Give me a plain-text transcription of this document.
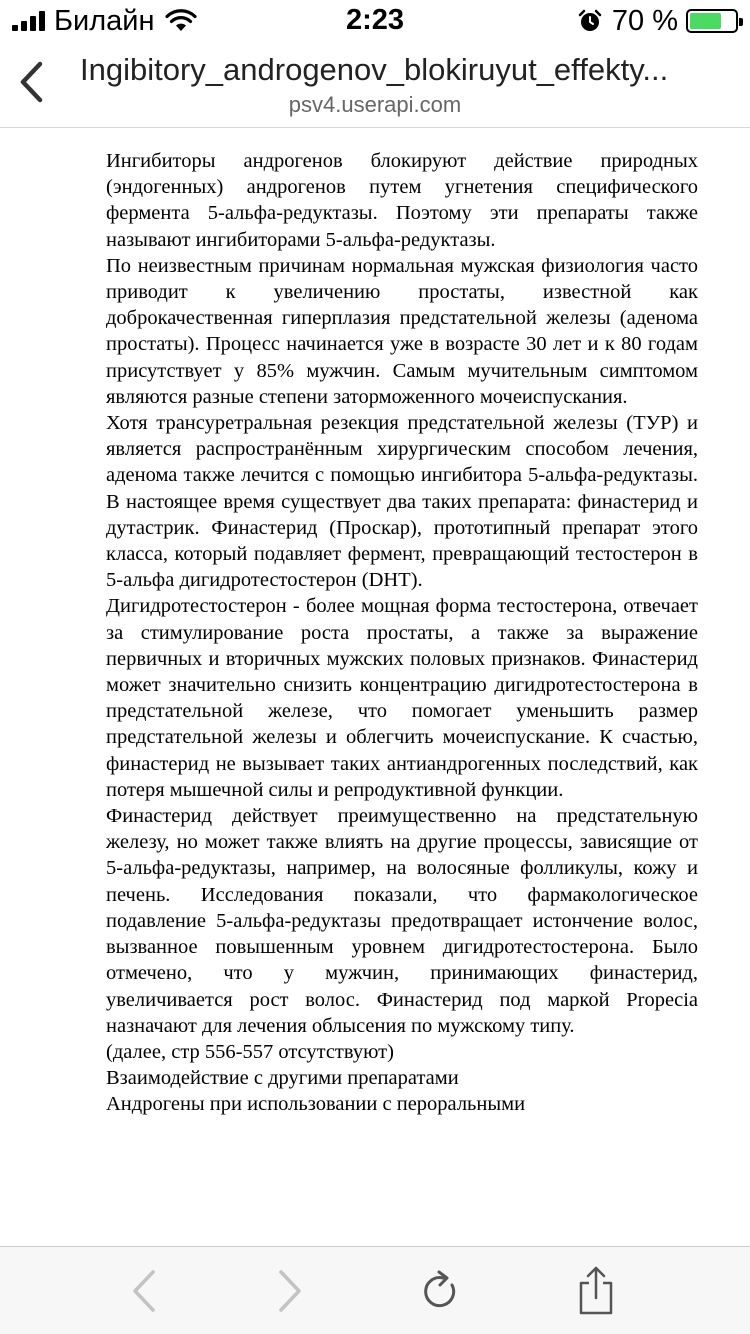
Билайн	2:23	70 %
Ingibitory_androgenov_blokiruyut_effekty...
psv4.userapi.com

Ингибиторы андрогенов блокируют действие природных (эндогенных) андрогенов путем угнетения специфического фермента 5-альфа-редуктазы. Поэтому эти препараты также называют ингибиторами 5-альфа-редуктазы.

По неизвестным причинам нормальная мужская физиология часто приводит к увеличению простаты, известной как доброкачественная гиперплазия предстательной железы (аденома простаты). Процесс начинается уже в возрасте 30 лет и к 80 годам присутствует у 85% мужчин. Самым мучительным симптомом являются разные степени заторможенного мочеиспускания.

Хотя трансуретральная резекция предстательной железы (ТУР) и является распространённым хирургическим способом лечения, аденома также лечится с помощью ингибитора 5-альфа-редуктазы. В настоящее время существует два таких препарата: финастерид и дутастрик. Финастерид (Проскар), прототипный препарат этого класса, который подавляет фермент, превращающий тестостерон в 5-альфа дигидротестостерон (DHT).

Дигидротестостерон - более мощная форма тестостерона, отвечает за стимулирование роста простаты, а также за выражение первичных и вторичных мужских половых признаков. Финастерид может значительно снизить концентрацию дигидротестостерона в предстательной железе, что помогает уменьшить размер предстательной железы и облегчить мочеиспускание. К счастью, финастерид не вызывает таких антиандрогенных последствий, как потеря мышечной силы и репродуктивной функции.

Финастерид действует преимущественно на предстательную железу, но может также влиять на другие процессы, зависящие от 5-альфа-редуктазы, например, на волосяные фолликулы, кожу и печень. Исследования показали, что фармакологическое подавление 5-альфа-редуктазы предотвращает истончение волос, вызванное повышенным уровнем дигидротестостерона. Было отмечено, что у мужчин, принимающих финастерид, увеличивается рост волос. Финастерид под маркой Propecia назначают для лечения облысения по мужскому типу.

(далее, стр 556-557 отсутствуют)

Взаимодействие с другими препаратами

Андрогены при использовании с пероральными
